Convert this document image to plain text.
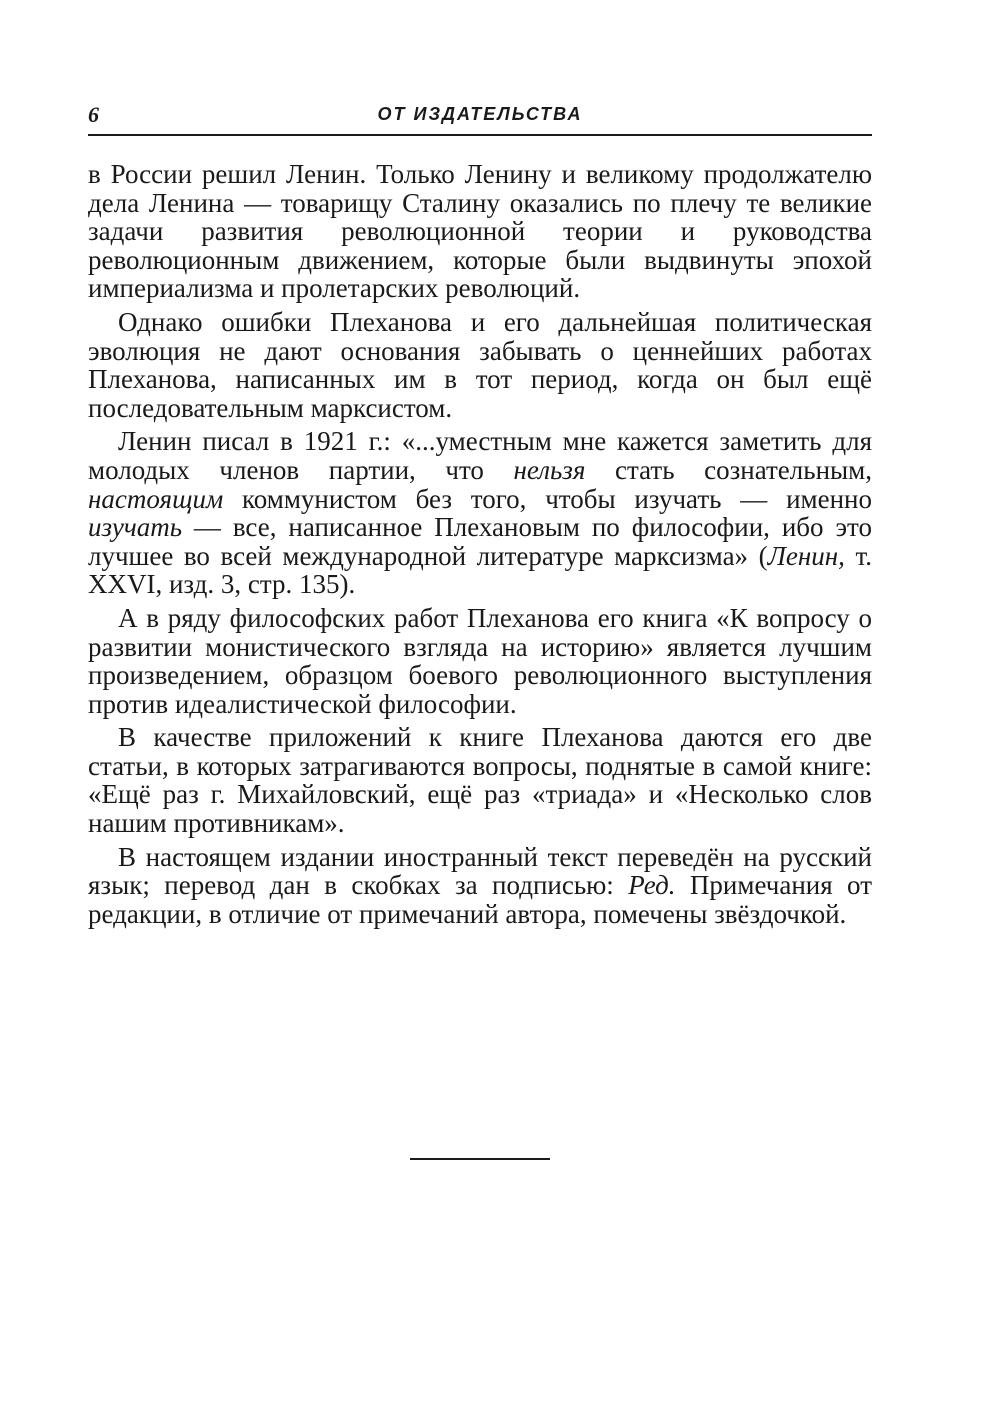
6	ОТ ИЗДАТЕЛЬСТВА

в России решил Ленин. Только Ленину и великому продолжателю дела Ленина — товарищу Сталину оказались по плечу те великие задачи развития революционной теории и руководства революционным движением, которые были выдвинуты эпохой империализма и пролетарских революций.

Однако ошибки Плеханова и его дальнейшая политическая эволюция не дают основания забывать о ценнейших работах Плеханова, написанных им в тот период, когда он был ещё последовательным марксистом.

Ленин писал в 1921 г.: «...уместным мне кажется заметить для молодых членов партии, что нельзя стать сознательным, настоящим коммунистом без того, чтобы изучать — именно изучать — все, написанное Плехановым по философии, ибо это лучшее во всей международной литературе марксизма» (Ленин, т. XXVI, изд. 3, стр. 135).

А в ряду философских работ Плеханова его книга «К вопросу о развитии монистического взгляда на историю» является лучшим произведением, образцом боевого революционного выступления против идеалистической философии.

В качестве приложений к книге Плеханова даются его две статьи, в которых затрагиваются вопросы, поднятые в самой книге: «Ещё раз г. Михайловский, ещё раз «триада» и «Несколько слов нашим противникам».

В настоящем издании иностранный текст переведён на русский язык; перевод дан в скобках за подписью: Ред. Примечания от редакции, в отличие от примечаний автора, помечены звёздочкой.
